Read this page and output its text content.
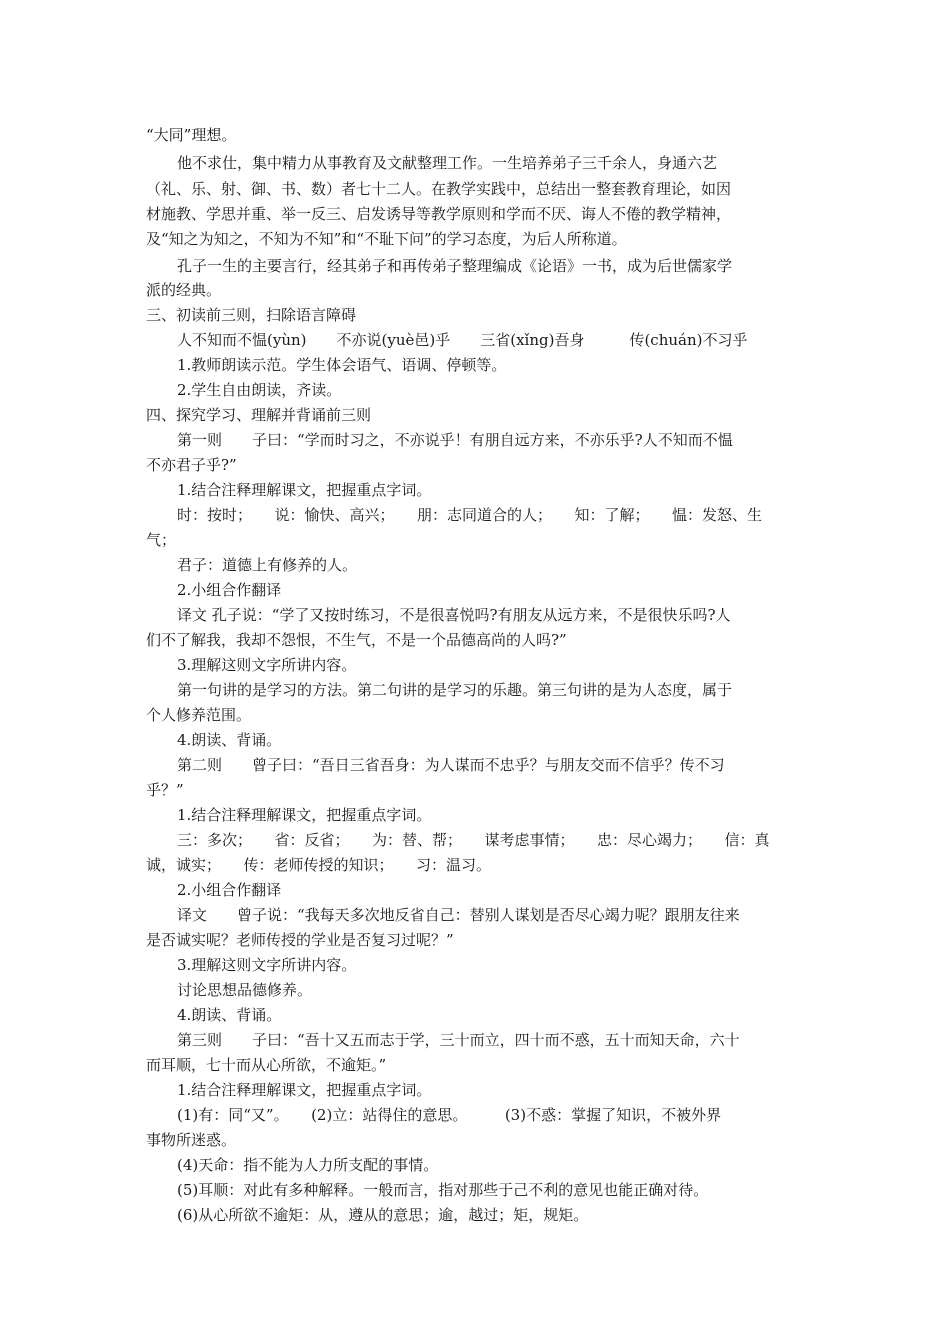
“大同”理想。
他不求仕，集中精力从事教育及文献整理工作。一生培养弟子三千余人，身通六艺
（礼、乐、射、御、书、数）者七十二人。在教学实践中，总结出一整套教育理论，如因
材施教、学思并重、举一反三、启发诱导等教学原则和学而不厌、诲人不倦的教学精神，
及“知之为知之，不知为不知”和“不耻下问”的学习态度，为后人所称道。
孔子一生的主要言行，经其弟子和再传弟子整理编成《论语》一书，成为后世儒家学
派的经典。
三、初读前三则，扫除语言障碍
人不知而不愠(yùn)　　不亦说(yuè邑)乎　　三省(xǐng)吾身　　　传(chuán)不习乎
1.教师朗读示范。学生体会语气、语调、停顿等。
2.学生自由朗读，齐读。
四、探究学习、理解并背诵前三则
第一则　　子曰：“学而时习之，不亦说乎！有朋自远方来，不亦乐乎?人不知而不愠
不亦君子乎?”
1.结合注释理解课文，把握重点字词。
时：按时；　　说：愉快、高兴；　　朋：志同道合的人；　　知：了解；　　愠：发怒、生
气；
君子：道德上有修养的人。
2.小组合作翻译
译文 孔子说：“学了又按时练习，不是很喜悦吗?有朋友从远方来，不是很快乐吗?人
们不了解我，我却不怨恨，不生气，不是一个品德高尚的人吗?”
3.理解这则文字所讲内容。
第一句讲的是学习的方法。第二句讲的是学习的乐趣。第三句讲的是为人态度，属于
个人修养范围。
4.朗读、背诵。
第二则　　曾子曰：“吾日三省吾身：为人谋而不忠乎？与朋友交而不信乎？传不习
乎？”
1.结合注释理解课文，把握重点字词。
三：多次；　　省：反省；　　为：替、帮；　　谋考虑事情；　　忠：尽心竭力；　　信：真
诚，诚实；　　传：老师传授的知识；　　习：温习。
2.小组合作翻译
译文　　曾子说：“我每天多次地反省自己：替别人谋划是否尽心竭力呢？跟朋友往来
是否诚实呢？老师传授的学业是否复习过呢？”
3.理解这则文字所讲内容。
讨论思想品德修养。
4.朗读、背诵。
第三则　　子曰：“吾十又五而志于学，三十而立，四十而不惑，五十而知天命，六十
而耳顺，七十而从心所欲，不逾矩。”
1.结合注释理解课文，把握重点字词。
(1)有：同“又”。　　(2)立：站得住的意思。　　　(3)不惑：掌握了知识，不被外界
事物所迷惑。
(4)天命：指不能为人力所支配的事情。
(5)耳顺：对此有多种解释。一般而言，指对那些于己不利的意见也能正确对待。
(6)从心所欲不逾矩：从，遵从的意思；逾，越过；矩，规矩。
